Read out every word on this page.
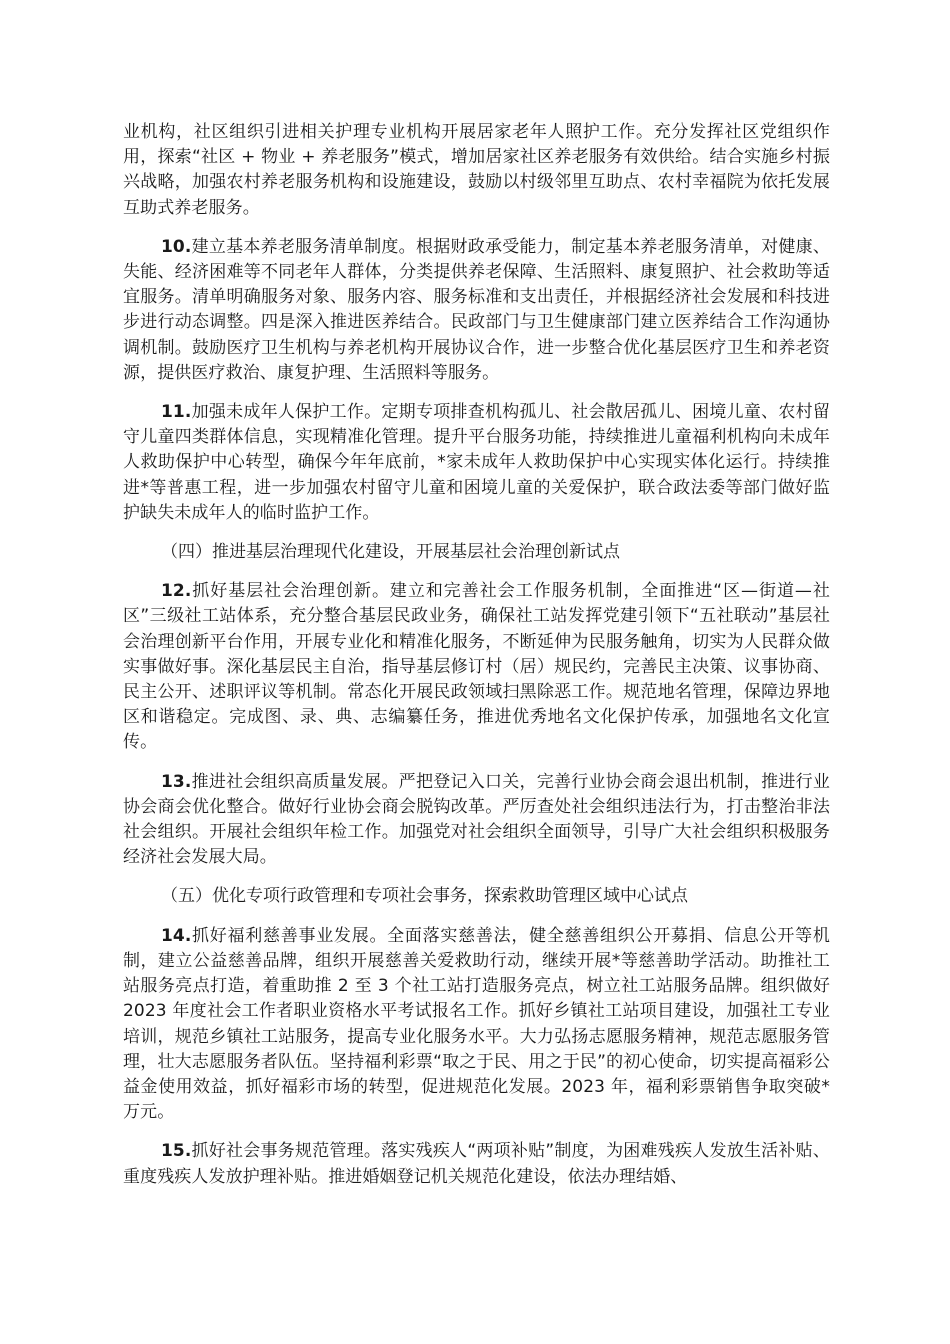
业机构，社区组织引进相关护理专业机构开展居家老年人照护工作。充分发挥社区党组织作用，探索“社区 + 物业 + 养老服务”模式，增加居家社区养老服务有效供给。结合实施乡村振兴战略，加强农村养老服务机构和设施建设，鼓励以村级邻里互助点、农村幸福院为依托发展互助式养老服务。

10.建立基本养老服务清单制度。根据财政承受能力，制定基本养老服务清单，对健康、失能、经济困难等不同老年人群体，分类提供养老保障、生活照料、康复照护、社会救助等适宜服务。清单明确服务对象、服务内容、服务标准和支出责任，并根据经济社会发展和科技进步进行动态调整。四是深入推进医养结合。民政部门与卫生健康部门建立医养结合工作沟通协调机制。鼓励医疗卫生机构与养老机构开展协议合作，进一步整合优化基层医疗卫生和养老资源，提供医疗救治、康复护理、生活照料等服务。

11.加强未成年人保护工作。定期专项排查机构孤儿、社会散居孤儿、困境儿童、农村留守儿童四类群体信息，实现精准化管理。提升平台服务功能，持续推进儿童福利机构向未成年人救助保护中心转型，确保今年年底前，*家未成年人救助保护中心实现实体化运行。持续推进*等普惠工程，进一步加强农村留守儿童和困境儿童的关爱保护，联合政法委等部门做好监护缺失未成年人的临时监护工作。

（四）推进基层治理现代化建设，开展基层社会治理创新试点

12.抓好基层社会治理创新。建立和完善社会工作服务机制，全面推进“区—街道—社区”三级社工站体系，充分整合基层民政业务，确保社工站发挥党建引领下“五社联动”基层社会治理创新平台作用，开展专业化和精准化服务，不断延伸为民服务触角，切实为人民群众做实事做好事。深化基层民主自治，指导基层修订村（居）规民约，完善民主决策、议事协商、民主公开、述职评议等机制。常态化开展民政领域扫黑除恶工作。规范地名管理，保障边界地区和谐稳定。完成图、录、典、志编纂任务，推进优秀地名文化保护传承，加强地名文化宣传。

13.推进社会组织高质量发展。严把登记入口关，完善行业协会商会退出机制，推进行业协会商会优化整合。做好行业协会商会脱钩改革。严厉查处社会组织违法行为，打击整治非法社会组织。开展社会组织年检工作。加强党对社会组织全面领导，引导广大社会组织积极服务经济社会发展大局。

（五）优化专项行政管理和专项社会事务，探索救助管理区域中心试点

14.抓好福利慈善事业发展。全面落实慈善法，健全慈善组织公开募捐、信息公开等机制，建立公益慈善品牌，组织开展慈善关爱救助行动，继续开展*等慈善助学活动。助推社工站服务亮点打造，着重助推 2 至 3 个社工站打造服务亮点，树立社工站服务品牌。组织做好 2023 年度社会工作者职业资格水平考试报名工作。抓好乡镇社工站项目建设，加强社工专业培训，规范乡镇社工站服务，提高专业化服务水平。大力弘扬志愿服务精神，规范志愿服务管理，壮大志愿服务者队伍。坚持福利彩票“取之于民、用之于民”的初心使命，切实提高福彩公益金使用效益，抓好福彩市场的转型，促进规范化发展。2023 年，福利彩票销售争取突破*万元。

15.抓好社会事务规范管理。落实残疾人“两项补贴”制度，为困难残疾人发放生活补贴、重度残疾人发放护理补贴。推进婚姻登记机关规范化建设，依法办理结婚、
